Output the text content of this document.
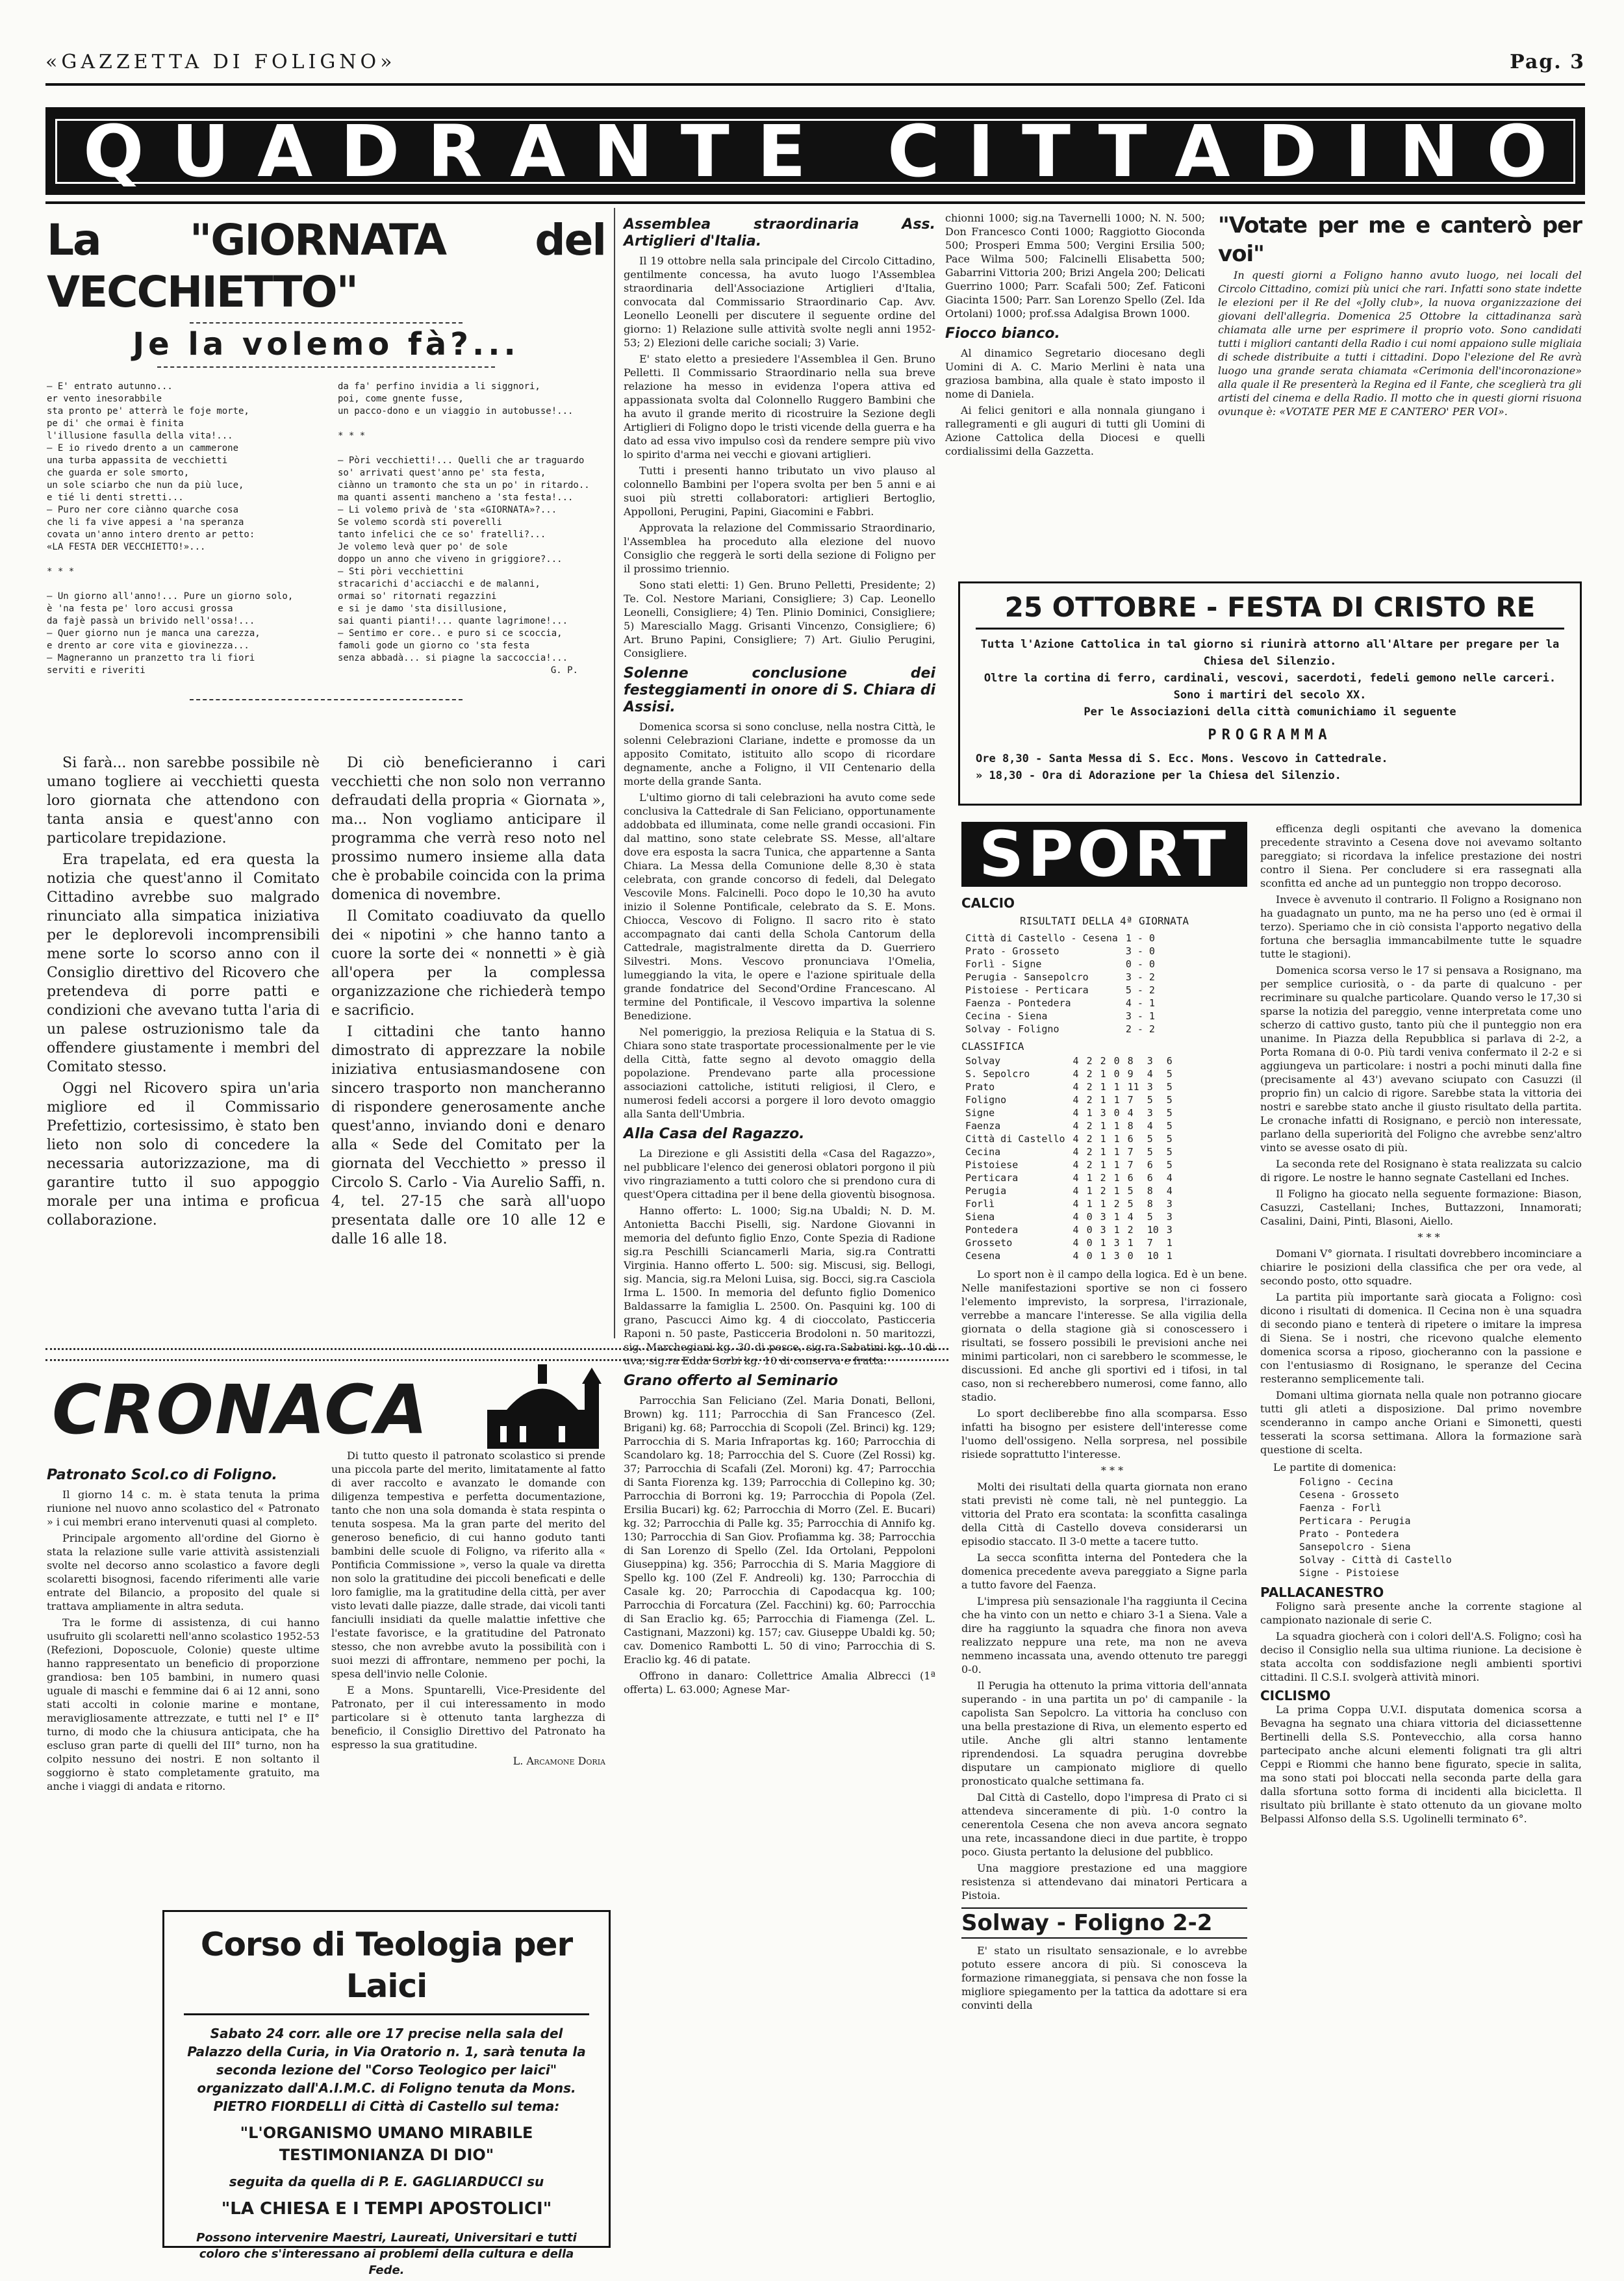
«GAZZETTA DI FOLIGNO»	Pag. 3
Q U A D R A N T E C I T T A D I N O
La "GIORNATA del VECCHIETTO"
Je la volemo fà?...
— E' entrato autunno...
er vento inesorabbile
sta pronto pe' atterrà le foje morte,
pe di' che ormai è finita
l'illusione fasulla della vita!...
— E io rivedo drento a un cammerone
una turba appassita de vecchietti
che guarda er sole smorto,
un sole sciarbo che nun da più luce,
e tié li denti stretti...
— Puro ner core ciànno quarche cosa
che li fa vive appesi a 'na speranza
covata un'anno intero drento ar petto:
«LA FESTA DER VECCHIETTO!»...

* * *

— Un giorno all'anno!... Pure un giorno solo,
è 'na festa pe' loro accusi grossa
da fajè passà un brivido nell'ossa!...
— Quer giorno nun je manca una carezza,
e drento ar core vita e giovinezza...
— Magneranno un pranzetto tra li fiori
serviti e riveriti
da fa' perfino invidia a li siggnori,
poi, come gnente fusse,
un pacco-dono e un viaggio in autobusse!...

* * *

— Pòri vecchietti!... Quelli che ar traguardo
so' arrivati quest'anno pe' sta festa,
ciànno un tramonto che sta un po' in ritardo..
ma quanti assenti mancheno a 'sta festa!...
— Li volemo privà de 'sta «GIORNATA»?...
Se volemo scordà sti poverelli
tanto infelici che ce so' fratelli?...
Je volemo levà quer po' de sole
doppo un anno che viveno in griggiore?...
— Sti pòri vecchiettini
stracarichi d'acciacchi e de malanni,
ormai so' ritornati regazzini
e si je damo 'sta disillusione,
sai quanti pianti!... quante lagrimone!...
— Sentimo er core.. e puro si ce scoccia,
famoli gode un giorno co 'sta festa
senza abbadà... si piagne la saccoccia!...
G. P.

Si farà... non sarebbe possibile nè umano togliere ai vecchietti questa loro giornata che attendono con tanta ansia e quest'anno con particolare trepidazione.

Era trapelata, ed era questa la notizia che quest'anno il Comitato Cittadino avrebbe suo malgrado rinunciato alla simpatica iniziativa per le deplorevoli incomprensibili mene sorte lo scorso anno con il Consiglio direttivo del Ricovero che pretendeva di porre patti e condizioni che avevano tutta l'aria di un palese ostruzionismo tale da offendere giustamente i membri del Comitato stesso.

Oggi nel Ricovero spira un'aria migliore ed il Commissario Prefettizio, cortesissimo, è stato ben lieto non solo di concedere la necessaria autorizzazione, ma di garantire tutto il suo appoggio morale per una intima e proficua collaborazione.

Di ciò beneficieranno i cari vecchietti che non solo non verranno defraudati della propria « Giornata », ma... Non vogliamo anticipare il programma che verrà reso noto nel prossimo numero insieme alla data che è probabile coincida con la prima domenica di novembre.

Il Comitato coadiuvato da quello dei « nipotini » che hanno tanto a cuore la sorte dei « nonnetti » è già all'opera per la complessa organizzazione che richiederà tempo e sacrificio.

I cittadini che tanto hanno dimostrato di apprezzare la nobile iniziativa entusiasmandosene con sincero trasporto non mancheranno di rispondere generosamente anche quest'anno, inviando doni e denaro alla « Sede del Comitato per la giornata del Vecchietto » presso il Circolo S. Carlo - Via Aurelio Saffi, n. 4, tel. 27-15 che sarà all'uopo presentata dalle ore 10 alle 12 e dalle 16 alle 18.

Assemblea straordinaria Ass. Artiglieri d'Italia.

Il 19 ottobre nella sala principale del Circolo Cittadino, gentilmente concessa, ha avuto luogo l'Assemblea straordinaria dell'Associazione Artiglieri d'Italia, convocata dal Commissario Straordinario Cap. Avv. Leonello Leonelli per discutere il seguente ordine del giorno: 1) Relazione sulle attività svolte negli anni 1952-53; 2) Elezioni delle cariche sociali; 3) Varie.

E' stato eletto a presiedere l'Assemblea il Gen. Bruno Pelletti. Il Commissario Straordinario nella sua breve relazione ha messo in evidenza l'opera attiva ed appassionata svolta dal Colonnello Ruggero Bambini che ha avuto il grande merito di ricostruire la Sezione degli Artiglieri di Foligno dopo le tristi vicende della guerra e ha dato ad essa vivo impulso così da rendere sempre più vivo lo spirito d'arma nei vecchi e giovani artiglieri.

Tutti i presenti hanno tributato un vivo plauso al colonnello Bambini per l'opera svolta per ben 5 anni e ai suoi più stretti collaboratori: artiglieri Bertoglio, Appolloni, Perugini, Papini, Giacomini e Fabbri.

Approvata la relazione del Commissario Straordinario, l'Assemblea ha proceduto alla elezione del nuovo Consiglio che reggerà le sorti della sezione di Foligno per il prossimo triennio.

Sono stati eletti: 1) Gen. Bruno Pelletti, Presidente; 2) Te. Col. Nestore Mariani, Consigliere; 3) Cap. Leonello Leonelli, Consigliere; 4) Ten. Plinio Dominici, Consigliere; 5) Maresciallo Magg. Grisanti Vincenzo, Consigliere; 6) Art. Bruno Papini, Consigliere; 7) Art. Giulio Perugini, Consigliere.

Solenne conclusione dei festeggiamenti in onore di S. Chiara di Assisi.

Domenica scorsa si sono concluse, nella nostra Città, le solenni Celebrazioni Clariane, indette e promosse da un apposito Comitato, istituito allo scopo di ricordare degnamente, anche a Foligno, il VII Centenario della morte della grande Santa.

L'ultimo giorno di tali celebrazioni ha avuto come sede conclusiva la Cattedrale di San Feliciano, opportunamente addobbata ed illuminata, come nelle grandi occasioni. Fin dal mattino, sono state celebrate SS. Messe, all'altare dove era esposta la sacra Tunica, che appartenne a Santa Chiara. La Messa della Comunione delle 8,30 è stata celebrata, con grande concorso di fedeli, dal Delegato Vescovile Mons. Falcinelli. Poco dopo le 10,30 ha avuto inizio il Solenne Pontificale, celebrato da S. E. Mons. Chiocca, Vescovo di Foligno. Il sacro rito è stato accompagnato dai canti della Schola Cantorum della Cattedrale, magistralmente diretta da D. Guerriero Silvestri. Mons. Vescovo pronunciava l'Omelia, lumeggiando la vita, le opere e l'azione spirituale della grande fondatrice del Second'Ordine Francescano. Al termine del Pontificale, il Vescovo impartiva la solenne Benedizione.

Nel pomeriggio, la preziosa Reliquia e la Statua di S. Chiara sono state trasportate processionalmente per le vie della Città, fatte segno al devoto omaggio della popolazione. Prendevano parte alla processione associazioni cattoliche, istituti religiosi, il Clero, e numerosi fedeli accorsi a porgere il loro devoto omaggio alla Santa dell'Umbria.

Alla Casa del Ragazzo.

La Direzione e gli Assistiti della «Casa del Ragazzo», nel pubblicare l'elenco dei generosi oblatori porgono il più vivo ringraziamento a tutti coloro che si prendono cura di quest'Opera cittadina per il bene della gioventù bisognosa.

Hanno offerto: L. 1000; Sig.na Ubaldi; N. D. M. Antonietta Bacchi Piselli, sig. Nardone Giovanni in memoria del defunto figlio Enzo, Conte Spezia di Radione sig.ra Peschilli Sciancamerli Maria, sig.ra Contratti Virginia. Hanno offerto L. 500: sig. Miscusi, sig. Bellogi, sig. Mancia, sig.ra Meloni Luisa, sig. Bocci, sig.ra Casciola Irma L. 1500. In memoria del defunto figlio Domenico Baldassarre la famiglia L. 2500. On. Pasquini kg. 100 di grano, Pascucci Aimo kg. 4 di cioccolato, Pasticceria Raponi n. 50 paste, Pasticceria Brodoloni n. 50 maritozzi, sig. Marchegiani kg. 30 di pesce, sig.ra Sabatini kg. 10 di uva, sig.ra Edda Sorbi kg. 10 di conserva e frutta.

Grano offerto al Seminario

Parrocchia San Feliciano (Zel. Maria Donati, Belloni, Brown) kg. 111; Parrocchia di San Francesco (Zel. Brigani) kg. 68; Parrocchia di Scopoli (Zel. Brinci) kg. 129; Parrocchia di S. Maria Infraportas kg. 160; Parrocchia di Scandolaro kg. 18; Parrocchia del S. Cuore (Zel Rossi) kg. 37; Parrocchia di Scafali (Zel. Moroni) kg. 47; Parrocchia di Santa Fiorenza kg. 139; Parrocchia di Collepino kg. 30; Parrocchia di Borroni kg. 19; Parrocchia di Popola (Zel. Ersilia Bucari) kg. 62; Parrocchia di Morro (Zel. E. Bucari) kg. 32; Parrocchia di Palle kg. 35; Parrocchia di Annifo kg. 130; Parrocchia di San Giov. Profiamma kg. 38; Parrocchia di San Lorenzo di Spello (Zel. Ida Ortolani, Peppoloni Giuseppina) kg. 356; Parrocchia di S. Maria Maggiore di Spello kg. 100 (Zel F. Andreoli) kg. 130; Parrocchia di Casale kg. 20; Parrocchia di Capodacqua kg. 100; Parrocchia di Forcatura (Zel. Facchini) kg. 60; Parrocchia di San Eraclio kg. 65; Parrocchia di Fiamenga (Zel. L. Castignani, Mazzoni) kg. 157; cav. Giuseppe Ubaldi kg. 50; cav. Domenico Rambotti L. 50 di vino; Parrocchia di S. Eraclio kg. 46 di patate.

Offrono in danaro: Collettrice Amalia Albrecci (1ª offerta) L. 63.000; Agnese Mar-

chionni 1000; sig.na Tavernelli 1000; N. N. 500; Don Francesco Conti 1000; Raggiotto Gioconda 500; Prosperi Emma 500; Vergini Ersilia 500; Pace Wilma 500; Falcinelli Elisabetta 500; Gabarrini Vittoria 200; Brizi Angela 200; Delicati Guerrino 1000; Parr. Scafali 500; Zef. Faticoni Giacinta 1500; Parr. San Lorenzo Spello (Zel. Ida Ortolani) 1000; prof.ssa Adalgisa Brown 1000.

Fiocco bianco.

Al dinamico Segretario diocesano degli Uomini di A. C. Mario Merlini è nata una graziosa bambina, alla quale è stato imposto il nome di Daniela.

Ai felici genitori e alla nonnala giungano i rallegramenti e gli auguri di tutti gli Uomini di Azione Cattolica della Diocesi e quelli cordialissimi della Gazzetta.

"Votate per me e canterò per voi"

In questi giorni a Foligno hanno avuto luogo, nei locali del Circolo Cittadino, comizi più unici che rari. Infatti sono state indette le elezioni per il Re del «Jolly club», la nuova organizzazione dei giovani dell'allegria. Domenica 25 Ottobre la cittadinanza sarà chiamata alle urne per esprimere il proprio voto. Sono candidati tutti i migliori cantanti della Radio i cui nomi appaiono sulle migliaia di schede distribuite a tutti i cittadini. Dopo l'elezione del Re avrà luogo una grande serata chiamata «Cerimonia dell'incoronazione» alla quale il Re presenterà la Regina ed il Fante, che sceglierà tra gli artisti del cinema e della Radio. Il motto che in questi giorni risuona ovunque è: «VOTATE PER ME E CANTERO' PER VOI».

25 OTTOBRE - FESTA DI CRISTO RE
Tutta l'Azione Cattolica in tal giorno si riunirà attorno all'Altare per pregare per la Chiesa del Silenzio.
Oltre la cortina di ferro, cardinali, vescovi, sacerdoti, fedeli gemono nelle carceri. Sono i martiri del secolo XX.
Per le Associazioni della città comunichiamo il seguente
PROGRAMMA
Ore 8,30 - Santa Messa di S. Ecc. Mons. Vescovo in Cattedrale.
» 18,30 - Ora di Adorazione per la Chiesa del Silenzio.
SPORT
CALCIO
RISULTATI DELLA 4ª GIORNATA
Città di Castello - Cesena	1 - 0
Prato - Grosseto	3 - 0
Forlì - Signe	0 - 0
Perugia - Sansepolcro	3 - 2
Pistoiese - Perticara	5 - 2
Faenza - Pontedera	4 - 1
Cecina - Siena	3 - 1
Solvay - Foligno	2 - 2
CLASSIFICA
Solvay	4	2	2	0	8	3	6
S. Sepolcro	4	2	1	0	9	4	5
Prato	4	2	1	1	11	3	5
Foligno	4	2	1	1	7	5	5
Signe	4	1	3	0	4	3	5
Faenza	4	2	1	1	8	4	5
Città di Castello	4	2	1	1	6	5	5
Cecina	4	2	1	1	7	5	5
Pistoiese	4	2	1	1	7	6	5
Perticara	4	1	2	1	6	6	4
Perugia	4	1	2	1	5	8	4
Forlì	4	1	1	2	5	8	3
Siena	4	0	3	1	4	5	3
Pontedera	4	0	3	1	2	10	3
Grosseto	4	0	1	3	1	7	1
Cesena	4	0	1	3	0	10	1

Lo sport non è il campo della logica. Ed è un bene. Nelle manifestazioni sportive se non ci fossero l'elemento imprevisto, la sorpresa, l'irrazionale, verrebbe a mancare l'interesse. Se alla vigilia della giornata o della stagione già si conoscessero i risultati, se fossero possibili le previsioni anche nei minimi particolari, non ci sarebbero le scommesse, le discussioni. Ed anche gli sportivi ed i tifosi, in tal caso, non si recherebbero numerosi, come fanno, allo stadio.

Lo sport decliberebbe fino alla scomparsa. Esso infatti ha bisogno per esistere dell'interesse come l'uomo dell'ossigeno. Nella sorpresa, nel possibile risiede soprattutto l'interesse.

* * *

Molti dei risultati della quarta giornata non erano stati previsti nè come tali, nè nel punteggio. La vittoria del Prato era scontata: la sconfitta casalinga della Città di Castello doveva considerarsi un episodio staccato. Il 3-0 mette a tacere tutto.

La secca sconfitta interna del Pontedera che la domenica precedente aveva pareggiato a Signe parla a tutto favore del Faenza.

L'impresa più sensazionale l'ha raggiunta il Cecina che ha vinto con un netto e chiaro 3-1 a Siena. Vale a dire ha raggiunto la squadra che finora non aveva realizzato neppure una rete, ma non ne aveva nemmeno incassata una, avendo ottenuto tre pareggi 0-0.

Il Perugia ha ottenuto la prima vittoria dell'annata superando - in una partita un po' di campanile - la capolista San Sepolcro. La vittoria ha concluso con una bella prestazione di Riva, un elemento esperto ed utile. Anche gli altri stanno lentamente riprendendosi. La squadra perugina dovrebbe disputare un campionato migliore di quello pronosticato qualche settimana fa.

Dal Città di Castello, dopo l'impresa di Prato ci si attendeva sinceramente di più. 1-0 contro la cenerentola Cesena che non aveva ancora segnato una rete, incassandone dieci in due partite, è troppo poco. Giusta pertanto la delusione del pubblico.

Una maggiore prestazione ed una maggiore resistenza si attendevano dai minatori Perticara a Pistoia.

Solway - Foligno 2-2

E' stato un risultato sensazionale, e lo avrebbe potuto essere ancora di più. Si conosceva la formazione rimaneggiata, si pensava che non fosse la migliore spiegamento per la tattica da adottare si era convinti della

efficenza degli ospitanti che avevano la domenica precedente stravinto a Cesena dove noi avevamo soltanto pareggiato; si ricordava la infelice prestazione dei nostri contro il Siena. Per concludere si era rassegnati alla sconfitta ed anche ad un punteggio non troppo decoroso.

Invece è avvenuto il contrario. Il Foligno a Rosignano non ha guadagnato un punto, ma ne ha perso uno (ed è ormai il terzo). Speriamo che in ciò consista l'apporto negativo della fortuna che bersaglia immancabilmente tutte le squadre tutte le stagioni).

Domenica scorsa verso le 17 si pensava a Rosignano, ma per semplice curiosità, o - da parte di qualcuno - per recriminare su qualche particolare. Quando verso le 17,30 si sparse la notizia del pareggio, venne interpretata come uno scherzo di cattivo gusto, tanto più che il punteggio non era unanime. In Piazza della Repubblica si parlava di 2-2, a Porta Romana di 0-0. Più tardi veniva confermato il 2-2 e si aggiungeva un particolare: i nostri a pochi minuti dalla fine (precisamente al 43') avevano sciupato con Casuzzi (il proprio fin) un calcio di rigore. Sarebbe stata la vittoria dei nostri e sarebbe stato anche il giusto risultato della partita. Le cronache infatti di Rosignano, e perciò non interessate, parlano della superiorità del Foligno che avrebbe senz'altro vinto se avesse osato di più.

La seconda rete del Rosignano è stata realizzata su calcio di rigore. Le nostre le hanno segnate Castellani ed Inches.

Il Foligno ha giocato nella seguente formazione: Biason, Casuzzi, Castellani; Inches, Buttazzoni, Innamorati; Casalini, Daini, Pinti, Blasoni, Aiello.

* * *

Domani V° giornata. I risultati dovrebbero incominciare a chiarire le posizioni della classifica che per ora vede, al secondo posto, otto squadre.

La partita più importante sarà giocata a Foligno: così dicono i risultati di domenica. Il Cecina non è una squadra di secondo piano e tenterà di ripetere o imitare la impresa di Siena. Se i nostri, che ricevono qualche elemento domenica scorsa a riposo, giocheranno con la passione e con l'entusiasmo di Rosignano, le speranze del Cecina resteranno semplicemente tali.

Domani ultima giornata nella quale non potranno giocare tutti gli atleti a disposizione. Dal primo novembre scenderanno in campo anche Oriani e Simonetti, questi tesserati la scorsa settimana. Allora la formazione sarà questione di scelta.

Le partite di domenica:
Foligno - Cecina
Cesena - Grosseto
Faenza - Forlì
Perticara - Perugia
Prato - Pontedera
Sansepolcro - Siena
Solvay - Città di Castello
Signe - Pistoiese
PALLACANESTRO

Foligno sarà presente anche la corrente stagione al campionato nazionale di serie C.

La squadra giocherà con i colori dell'A.S. Foligno; così ha deciso il Consiglio nella sua ultima riunione. La decisione è stata accolta con soddisfazione negli ambienti sportivi cittadini. Il C.S.I. svolgerà attività minori.

CICLISMO

La prima Coppa U.V.I. disputata domenica scorsa a Bevagna ha segnato una chiara vittoria del diciassettenne Bertinelli della S.S. Pontevecchio, alla corsa hanno partecipato anche alcuni elementi folignati tra gli altri Ceppi e Riommi che hanno bene figurato, specie in salita, ma sono stati poi bloccati nella seconda parte della gara dalla sfortuna sotto forma di incidenti alla bicicletta. Il risultato più brillante è stato ottenuto da un giovane molto Belpassi Alfonso della S.S. Ugolinelli terminato 6°.

CRONACA
Patronato Scol.co di Foligno.

Il giorno 14 c. m. è stata tenuta la prima riunione nel nuovo anno scolastico del « Patronato » i cui membri erano intervenuti quasi al completo.

Principale argomento all'ordine del Giorno è stata la relazione sulle varie attività assistenziali svolte nel decorso anno scolastico a favore degli scolaretti bisognosi, facendo riferimenti alle varie entrate del Bilancio, a proposito del quale si trattava ampliamente in altra seduta.

Tra le forme di assistenza, di cui hanno usufruito gli scolaretti nell'anno scolastico 1952-53 (Refezioni, Doposcuole, Colonie) queste ultime hanno rappresentato un beneficio di proporzione grandiosa: ben 105 bambini, in numero quasi uguale di maschi e femmine dai 6 ai 12 anni, sono stati accolti in colonie marine e montane, meravigliosamente attrezzate, e tutti nel I° e II° turno, di modo che la chiusura anticipata, che ha escluso gran parte di quelli del III° turno, non ha colpito nessuno dei nostri. E non soltanto il soggiorno è stato completamente gratuito, ma anche i viaggi di andata e ritorno.

Di tutto questo il patronato scolastico si prende una piccola parte del merito, limitatamente al fatto di aver raccolto e avanzato le domande con diligenza tempestiva e perfetta documentazione, tanto che non una sola domanda è stata respinta o tenuta sospesa. Ma la gran parte del merito del generoso beneficio, di cui hanno goduto tanti bambini delle scuole di Foligno, va riferito alla « Pontificia Commissione », verso la quale va diretta non solo la gratitudine dei piccoli beneficati e delle loro famiglie, ma la gratitudine della città, per aver visto levati dalle piazze, dalle strade, dai vicoli tanti fanciulli insidiati da quelle malattie infettive che l'estate favorisce, e la gratitudine del Patronato stesso, che non avrebbe avuto la possibilità con i suoi mezzi di affrontare, nemmeno per pochi, la spesa dell'invio nelle Colonie.

E a Mons. Spuntarelli, Vice-Presidente del Patronato, per il cui interessamento in modo particolare si è ottenuto tanta larghezza di beneficio, il Consiglio Direttivo del Patronato ha espresso la sua gratitudine.

L. Arcamone Doria
Corso di Teologia per Laici
Sabato 24 corr. alle ore 17 precise nella sala del Palazzo della Curia, in Via Oratorio n. 1, sarà tenuta la seconda lezione del "Corso Teologico per laici" organizzato dall'A.I.M.C. di Foligno tenuta da Mons. PIETRO FIORDELLI di Città di Castello sul tema:
"L'ORGANISMO UMANO MIRABILE TESTIMONIANZA DI DIO"
seguita da quella di P. E. GAGLIARDUCCI su
"LA CHIESA E I TEMPI APOSTOLICI"
Possono intervenire Maestri, Laureati, Universitari e tutti coloro che s'interessano ai problemi della cultura e della Fede.
